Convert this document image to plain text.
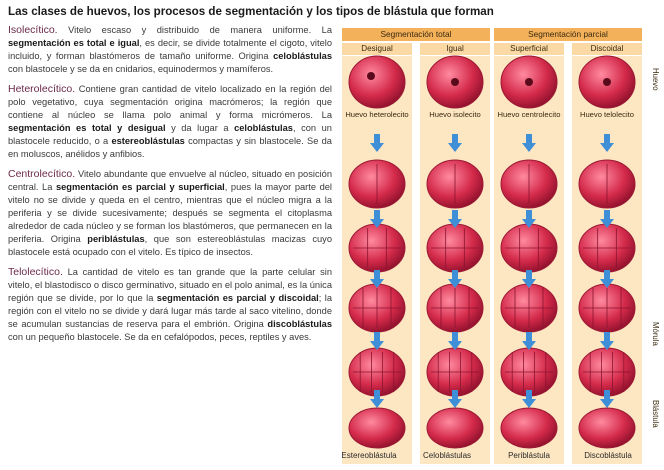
Las clases de huevos, los procesos de segmentación y los tipos de blástula que forman

Isolecítico. Vitelo escaso y distribuido de manera uniforme. La segmentación es total e igual, es decir, se divide totalmente el cigoto, vitelo incluido, y forman blastómeros de tamaño uniforme. Origina celoblástulas con blastocele y se da en cnidarios, equinodermos y mamíferos.

Heterolecítico. Contiene gran cantidad de vitelo localizado en la región del polo vegetativo, cuya segmentación origina macrómeros; la región que contiene al núcleo se llama polo animal y forma micrómeros. La segmentación es total y desigual y da lugar a celoblástulas, con un blastocele reducido, o a estereoblástulas compactas y sin blastocele. Se da en moluscos, anélidos y anfibios.

Centrolecítico. Vitelo abundante que envuelve al núcleo, situado en posición central. La segmentación es parcial y superficial, pues la mayor parte del vitelo no se divide y queda en el centro, mientras que el núcleo migra a la periferia y se divide sucesivamente; después se segmenta el citoplasma alrededor de cada núcleo y se forman los blastómeros, que permanecen en la periferia. Origina periblástulas, que son estereoblástulas macizas cuyo blastocele está ocupado con el vitelo. Es típico de insectos.

Telolecítico. La cantidad de vitelo es tan grande que la parte celular sin vitelo, el blastodisco o disco germinativo, situado en el polo animal, es la única región que se divide, por lo que la segmentación es parcial y discoidal; la región con el vitelo no se divide y dará lugar más tarde al saco vitelino, donde se acumulan sustancias de reserva para el embrión. Origina discoblástulas con un pequeño blastocele. Se da en cefalópodos, peces, reptiles y aves.

Segmentación total	Segmentación parcial
Desigual	Igual	Superficial	Discoidal
Huevo heterolecito	Huevo isolecito	Huevo centrolecito	Huevo telolecito
Huevo
Mórula
Blástula
Estereoblástula	Celoblástulas	Periblástula	Discoblástula
